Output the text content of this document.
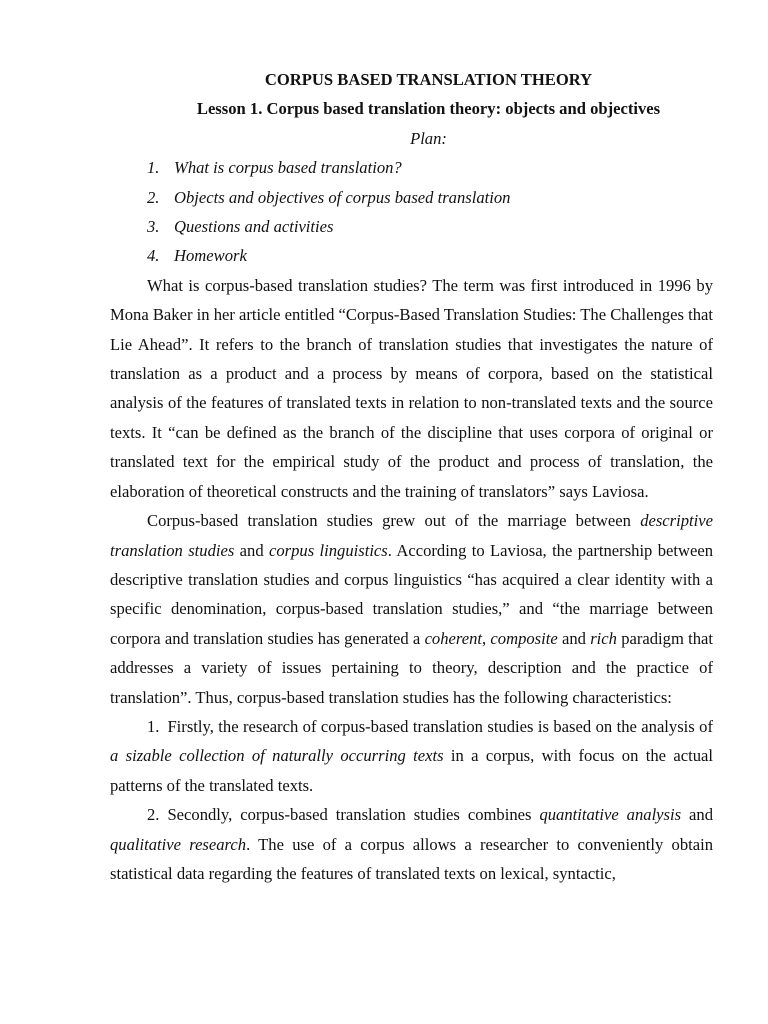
CORPUS BASED TRANSLATION THEORY

Lesson 1. Corpus based translation theory: objects and objectives

Plan:

1. What is corpus based translation?
2. Objects and objectives of corpus based translation
3. Questions and activities
4. Homework

What is corpus-based translation studies? The term was first introduced in 1996 by Mona Baker in her article entitled “Corpus-Based Translation Studies: The Challenges that Lie Ahead”. It refers to the branch of translation studies that investigates the nature of translation as a product and a process by means of corpora, based on the statistical analysis of the features of translated texts in relation to non-translated texts and the source texts. It “can be defined as the branch of the discipline that uses corpora of original or translated text for the empirical study of the product and process of translation, the elaboration of theoretical constructs and the training of translators” says Laviosa.

Corpus-based translation studies grew out of the marriage between descriptive translation studies and corpus linguistics. According to Laviosa, the partnership between descriptive translation studies and corpus linguistics “has acquired a clear identity with a specific denomination, corpus-based translation studies,” and “the marriage between corpora and translation studies has generated a coherent, composite and rich paradigm that addresses a variety of issues pertaining to theory, description and the practice of translation”. Thus, corpus-based translation studies has the following characteristics:

1. Firstly, the research of corpus-based translation studies is based on the analysis of a sizable collection of naturally occurring texts in a corpus, with focus on the actual patterns of the translated texts.

2. Secondly, corpus-based translation studies combines quantitative analysis and qualitative research. The use of a corpus allows a researcher to conveniently obtain statistical data regarding the features of translated texts on lexical, syntactic,
